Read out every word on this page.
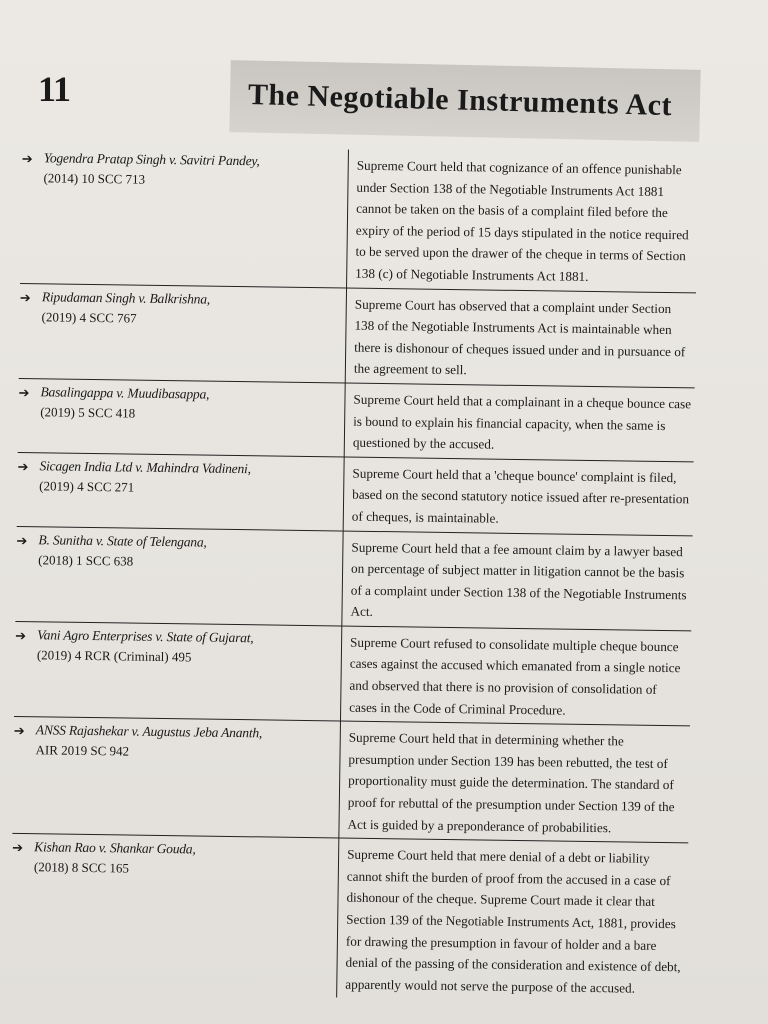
11	The Negotiable Instruments Act
➔ Yogendra Pratap Singh v. Savitri Pandey,
(2014) 10 SCC 713
Supreme Court held that cognizance of an offence punishable under Section 138 of the Negotiable Instruments Act 1881 cannot be taken on the basis of a complaint filed before the expiry of the period of 15 days stipulated in the notice required to be served upon the drawer of the cheque in terms of Section 138 (c) of Negotiable Instruments Act 1881.
➔ Ripudaman Singh v. Balkrishna,
(2019) 4 SCC 767
Supreme Court has observed that a complaint under Section 138 of the Negotiable Instruments Act is maintainable when there is dishonour of cheques issued under and in pursuance of the agreement to sell.
➔ Basalingappa v. Muudibasappa,
(2019) 5 SCC 418
Supreme Court held that a complainant in a cheque bounce case is bound to explain his financial capacity, when the same is questioned by the accused.
➔ Sicagen India Ltd v. Mahindra Vadineni,
(2019) 4 SCC 271
Supreme Court held that a 'cheque bounce' complaint is filed, based on the second statutory notice issued after re-presentation of cheques, is maintainable.
➔ B. Sunitha v. State of Telengana,
(2018) 1 SCC 638
Supreme Court held that a fee amount claim by a lawyer based on percentage of subject matter in litigation cannot be the basis of a complaint under Section 138 of the Negotiable Instruments Act.
➔ Vani Agro Enterprises v. State of Gujarat,
(2019) 4 RCR (Criminal) 495
Supreme Court refused to consolidate multiple cheque bounce cases against the accused which emanated from a single notice and observed that there is no provision of consolidation of cases in the Code of Criminal Procedure.
➔ ANSS Rajashekar v. Augustus Jeba Ananth,
AIR 2019 SC 942
Supreme Court held that in determining whether the presumption under Section 139 has been rebutted, the test of proportionality must guide the determination. The standard of proof for rebuttal of the presumption under Section 139 of the Act is guided by a preponderance of probabilities.
➔ Kishan Rao v. Shankar Gouda,
(2018) 8 SCC 165
Supreme Court held that mere denial of a debt or liability cannot shift the burden of proof from the accused in a case of dishonour of the cheque. Supreme Court made it clear that Section 139 of the Negotiable Instruments Act, 1881, provides for drawing the presumption in favour of holder and a bare denial of the passing of the consideration and existence of debt, apparently would not serve the purpose of the accused.
